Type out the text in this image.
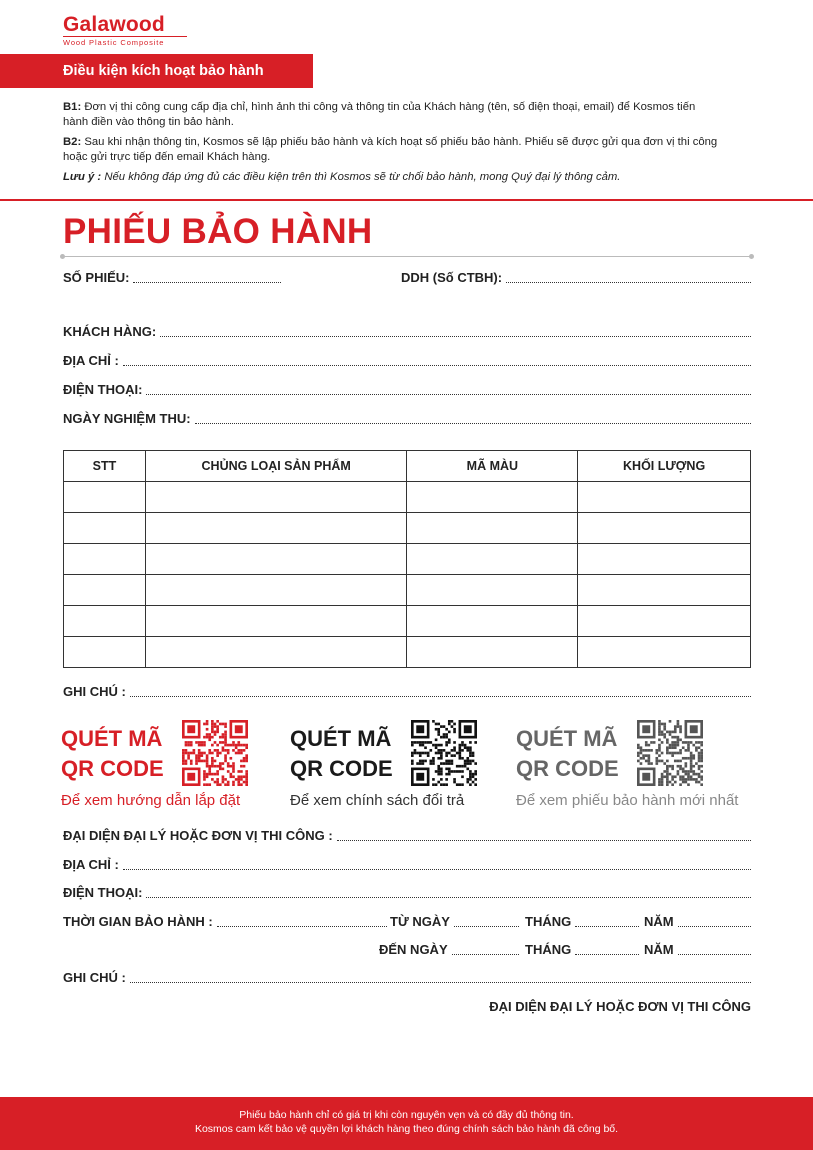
Galawood
Wood Plastic Composite
Điều kiện kích hoạt bảo hành

B1: Đơn vị thi công cung cấp địa chỉ, hình ảnh thi công và thông tin của Khách hàng (tên, số điện thoại, email) để Kosmos tiến hành điền vào thông tin bảo hành.

B2: Sau khi nhận thông tin, Kosmos sẽ lập phiếu bảo hành và kích hoạt số phiếu bảo hành. Phiếu sẽ được gửi qua đơn vị thi công hoặc gửi trực tiếp đến email Khách hàng.

Lưu ý : Nếu không đáp ứng đủ các điều kiện trên thì Kosmos sẽ từ chối bảo hành, mong Quý đại lý thông cảm.

PHIẾU BẢO HÀNH
SỐ PHIẾU:	DDH (Số CTBH):
KHÁCH HÀNG:
ĐỊA CHỈ :
ĐIỆN THOẠI:
NGÀY NGHIỆM THU:
STT	CHỦNG LOẠI SẢN PHẨM	MÃ MÀU	KHỐI LƯỢNG

GHI CHÚ :
QUÉT MÃ
QR CODE
Để xem hướng dẫn lắp đặt
QUÉT MÃ
QR CODE
Để xem chính sách đổi trả
QUÉT MÃ
QR CODE
Để xem phiếu bảo hành mới nhất
ĐẠI DIỆN ĐẠI LÝ HOẶC ĐƠN VỊ THI CÔNG :
ĐỊA CHỈ :
ĐIỆN THOẠI:
THỜI GIAN BẢO HÀNH :	TỪ NGÀY	THÁNG	NĂM
ĐẾN NGÀY	THÁNG	NĂM
GHI CHÚ :
ĐẠI DIỆN ĐẠI LÝ HOẶC ĐƠN VỊ THI CÔNG
Phiếu bảo hành chỉ có giá trị khi còn nguyên vẹn và có đầy đủ thông tin.
Kosmos cam kết bảo vệ quyền lợi khách hàng theo đúng chính sách bảo hành đã công bố.
